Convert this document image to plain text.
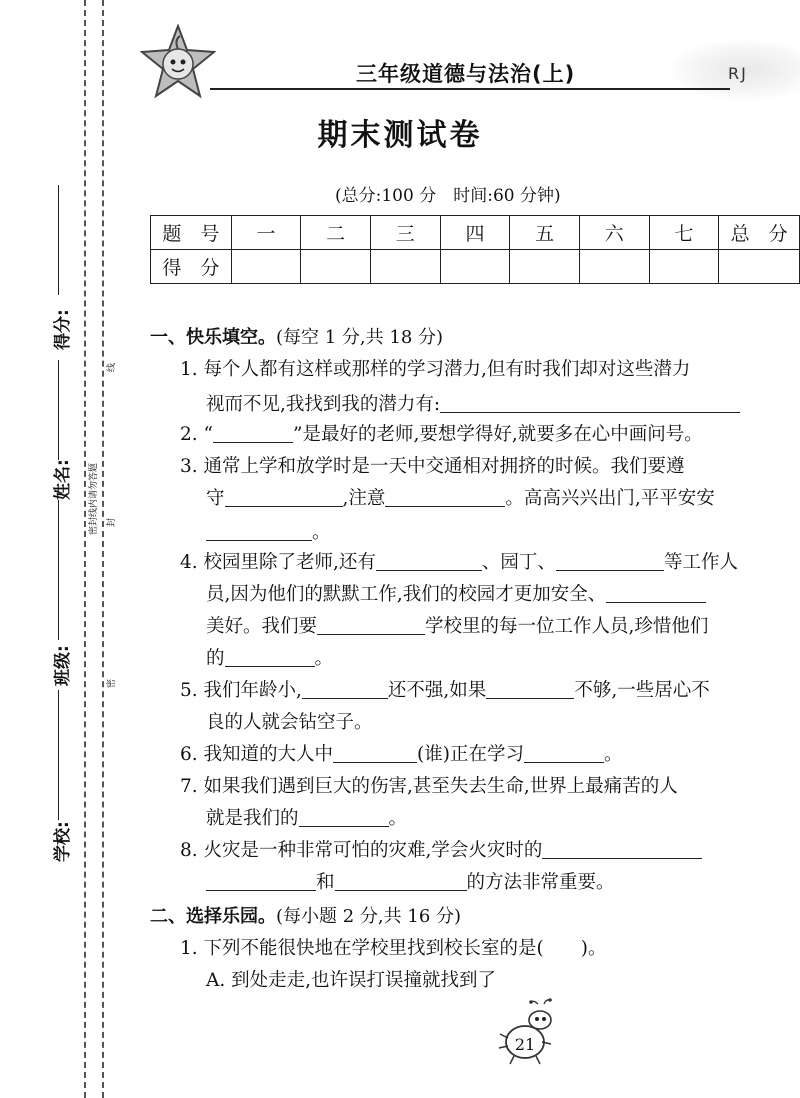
学校:
班级:
姓名:
得分:
密封线内请勿答题
密
封
线
三年级道德与法治(上)	RJ
期末测试卷
(总分:100 分　时间:60 分钟)
题　号	一	二	三	四	五	六	七	总　分
得　分								
一、快乐填空。(每空 1 分,共 18 分)
1. 每个人都有这样或那样的学习潜力,但有时我们却对这些潜力
视而不见,我找到我的潜力有:
2. “	”是最好的老师,要想学得好,就要多在心中画问号。
3. 通常上学和放学时是一天中交通相对拥挤的时候。我们要遵
守	,注意	。高高兴兴出门,平平安安
。
4. 校园里除了老师,还有	、园丁、	等工作人
员,因为他们的默默工作,我们的校园才更加安全、
美好。我们要	学校里的每一位工作人员,珍惜他们
的	。
5. 我们年龄小,	还不强,如果	不够,一些居心不
良的人就会钻空子。
6. 我知道的大人中	(谁)正在学习	。
7. 如果我们遇到巨大的伤害,甚至失去生命,世界上最痛苦的人
就是我们的	。
8. 火灾是一种非常可怕的灾难,学会火灾时的
和	的方法非常重要。
二、选择乐园。(每小题 2 分,共 16 分)
1. 下列不能很快地在学校里找到校长室的是(　　)。
A. 到处走走,也许误打误撞就找到了
21
